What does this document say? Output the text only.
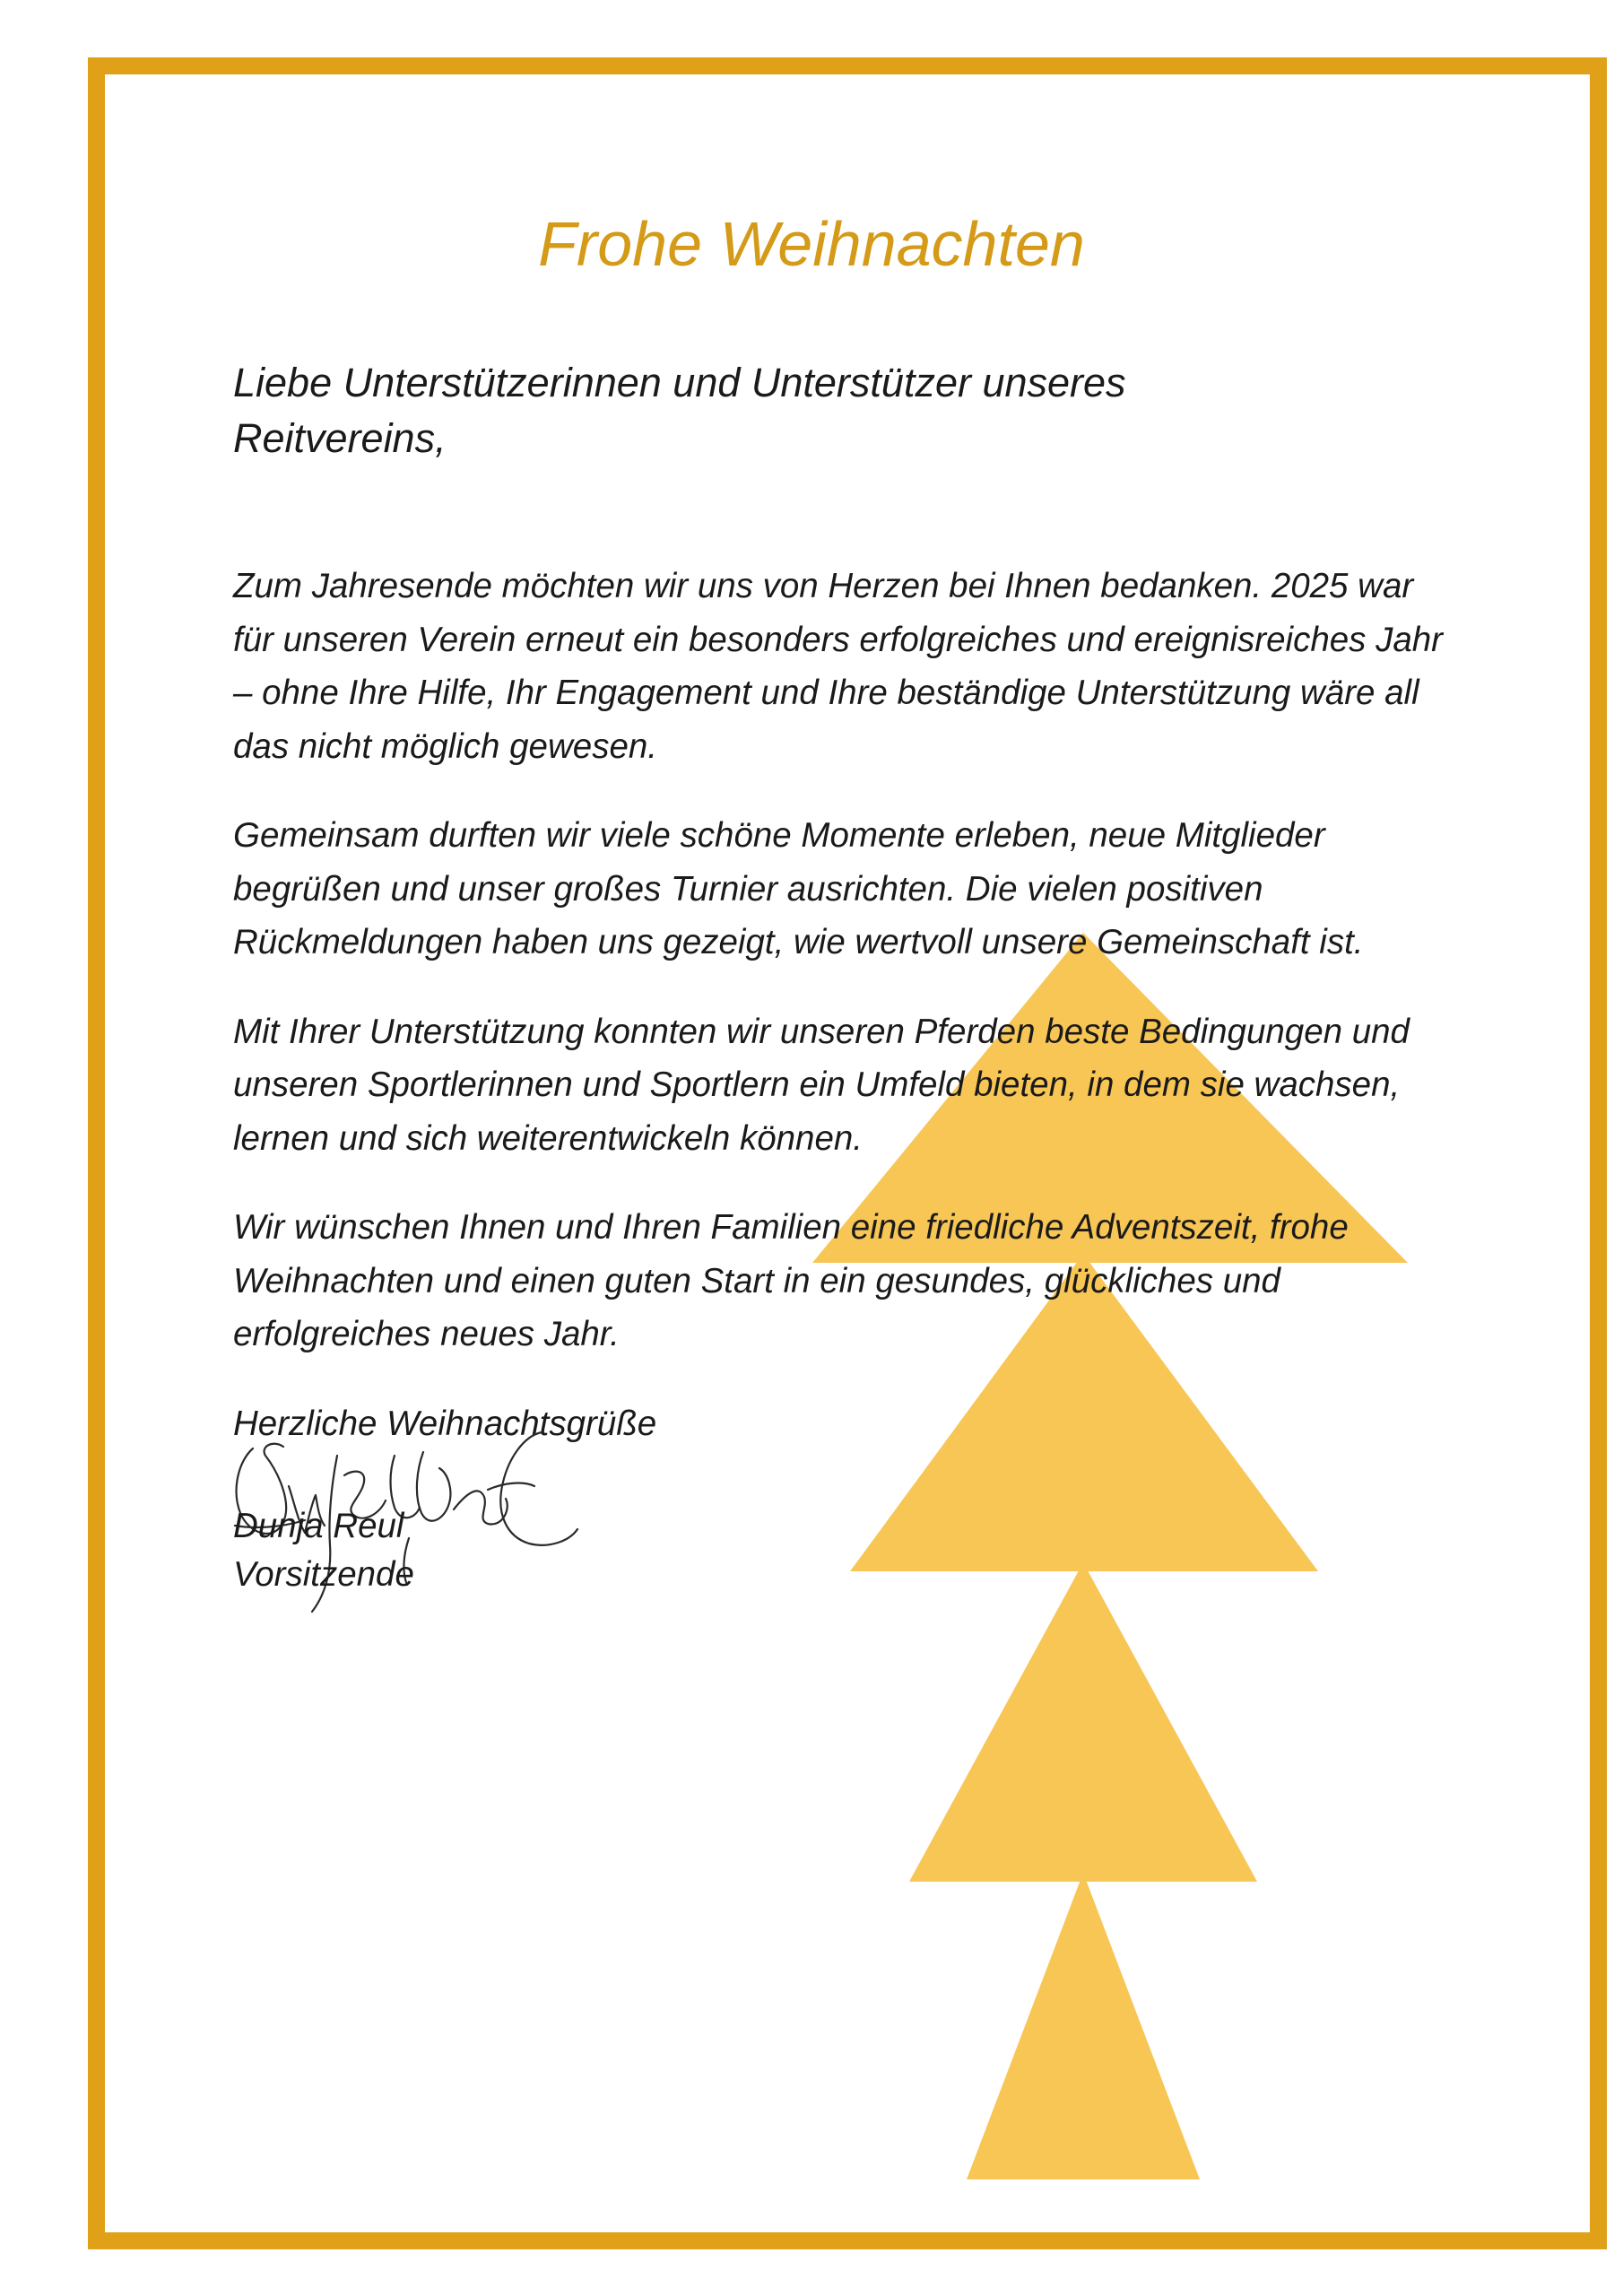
Frohe Weihnachten

Liebe Unterstützerinnen und Unterstützer unseres Reitvereins,

Zum Jahresende möchten wir uns von Herzen bei Ihnen bedanken. 2025 war für unseren Verein erneut ein besonders erfolgreiches und ereignisreiches Jahr – ohne Ihre Hilfe, Ihr Engagement und Ihre beständige Unterstützung wäre all das nicht möglich gewesen.

Gemeinsam durften wir viele schöne Momente erleben, neue Mitglieder begrüßen und unser großes Turnier ausrichten. Die vielen positiven Rückmeldungen haben uns gezeigt, wie wertvoll unsere Gemeinschaft ist.

Mit Ihrer Unterstützung konnten wir unseren Pferden beste Bedingungen und unseren Sportlerinnen und Sportlern ein Umfeld bieten, in dem sie wachsen, lernen und sich weiterentwickeln können.

Wir wünschen Ihnen und Ihren Familien eine friedliche Adventszeit, frohe Weihnachten und einen guten Start in ein gesundes, glückliches und erfolgreiches neues Jahr.

Herzliche Weihnachtsgrüße

Dunja Reul
Vorsitzende
